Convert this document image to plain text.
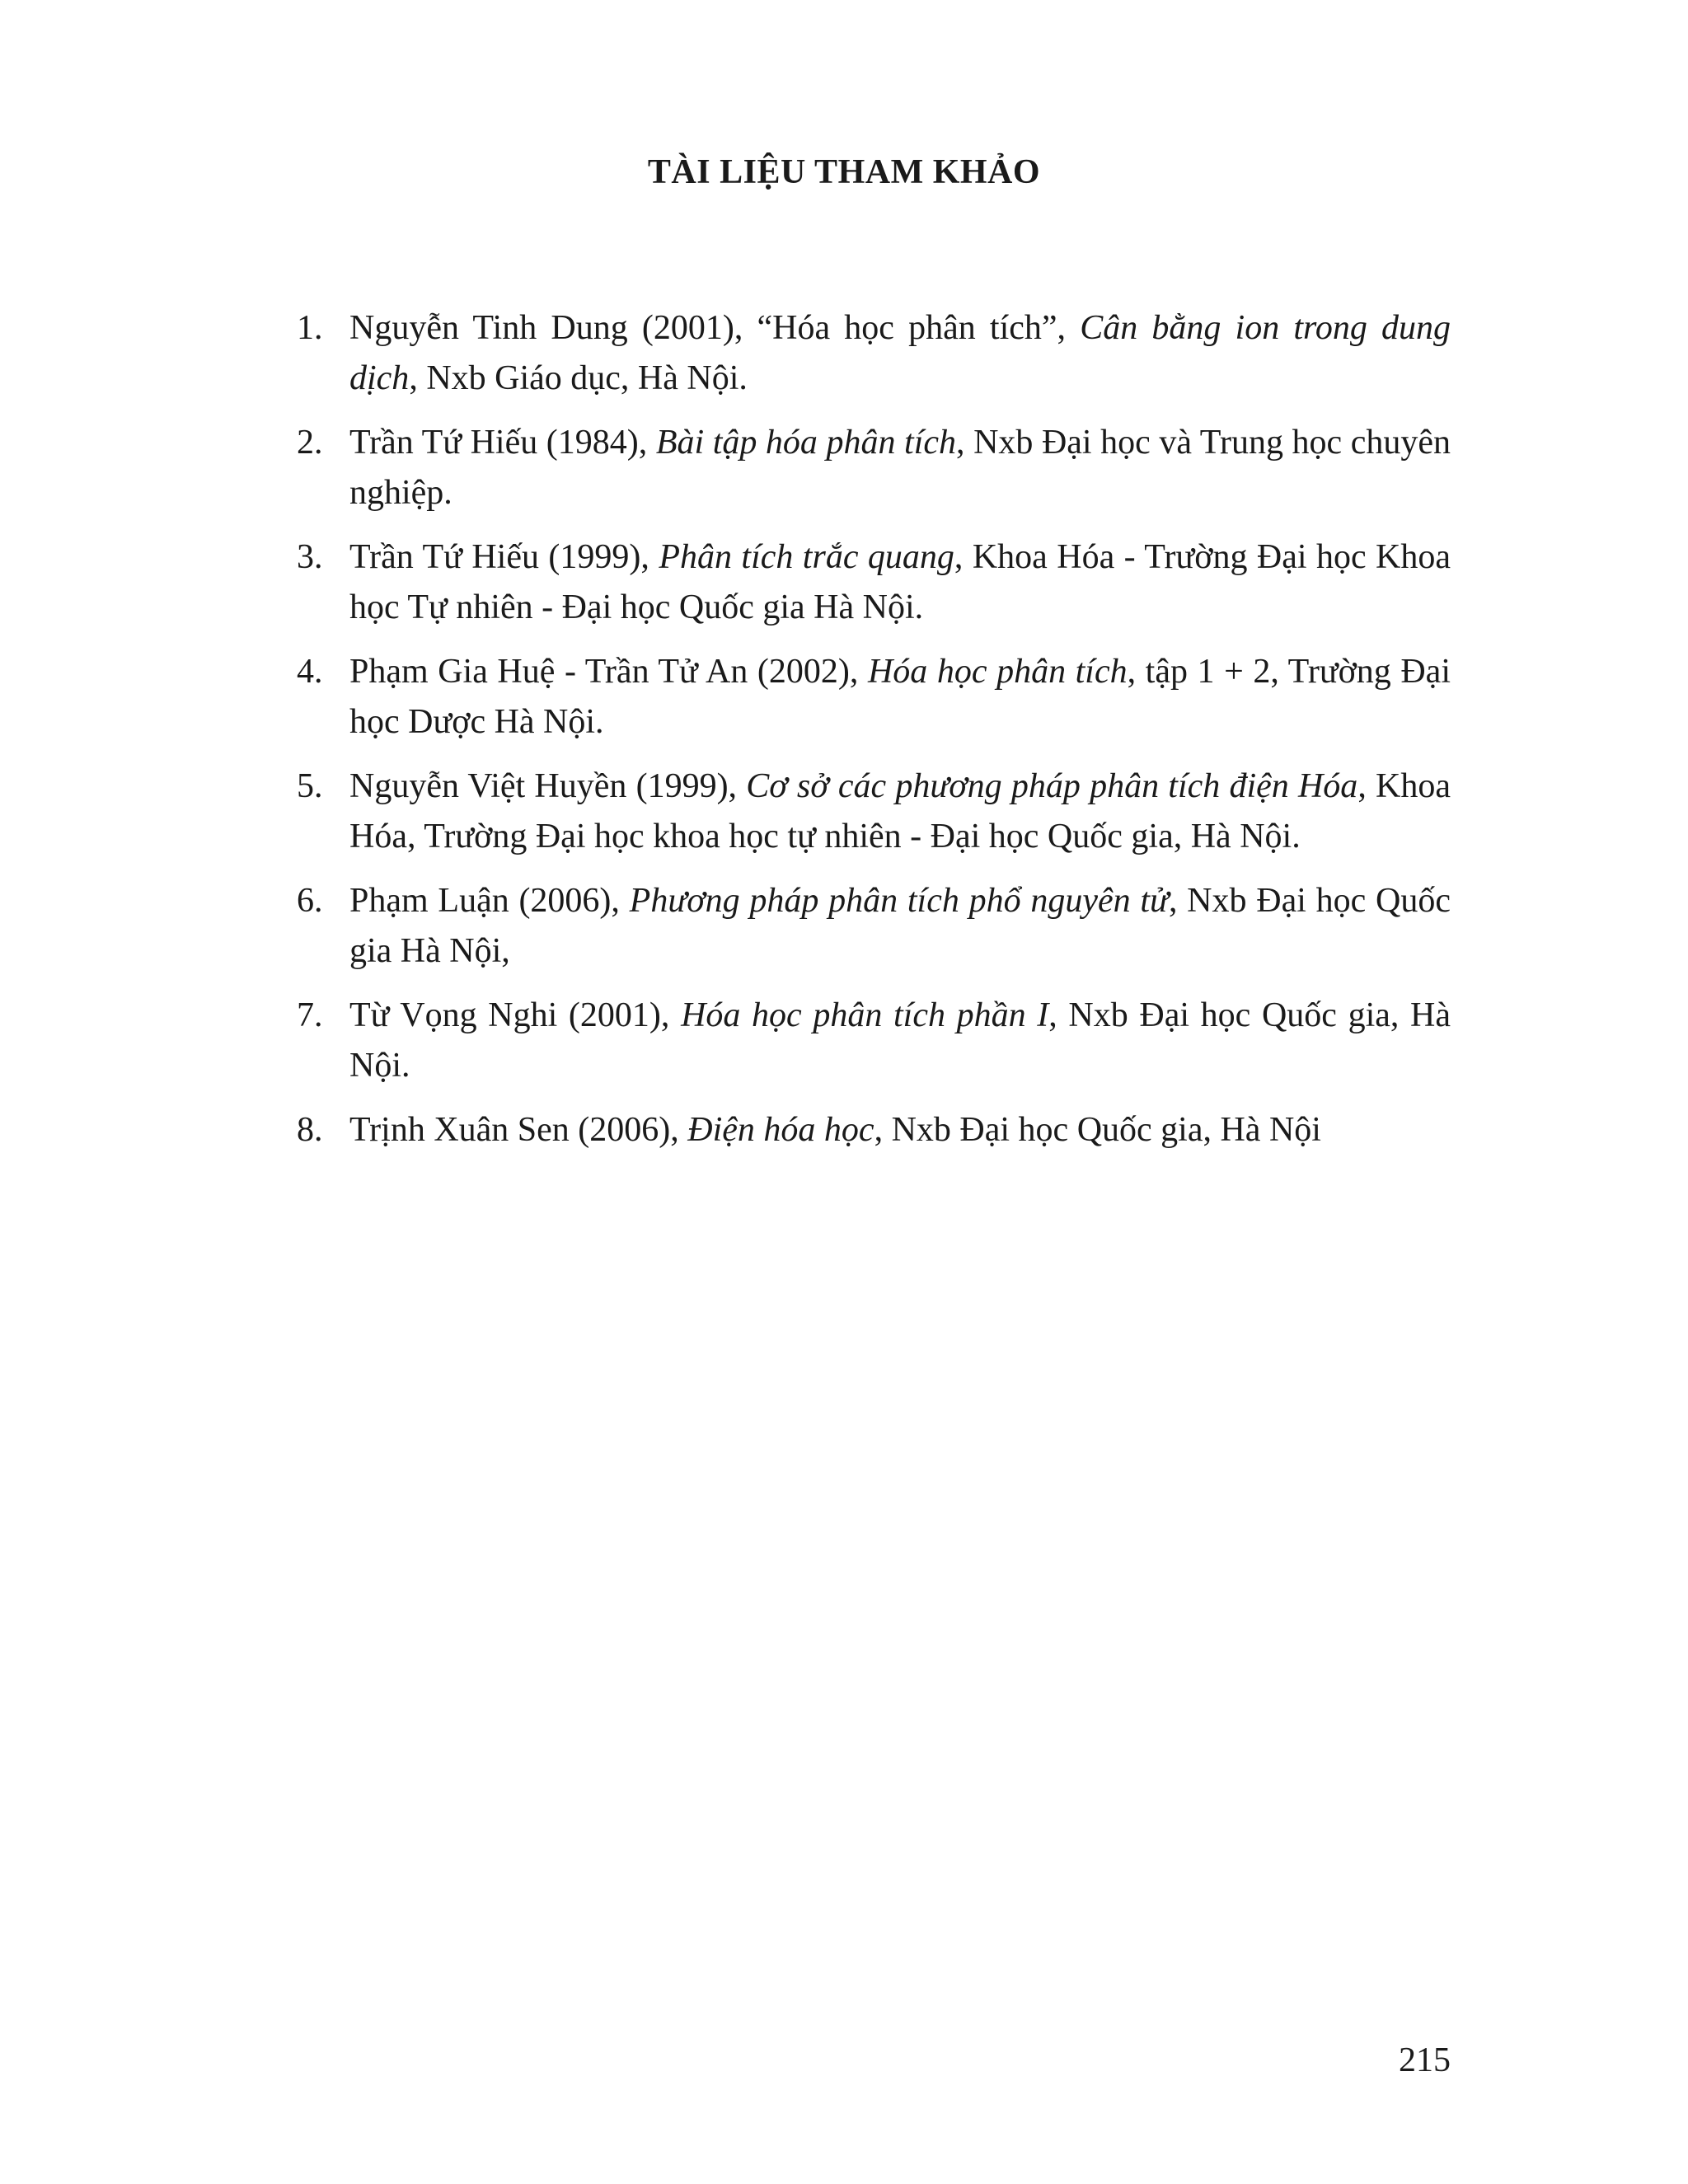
TÀI LIỆU THAM KHẢO
1. Nguyễn Tinh Dung (2001), “Hóa học phân tích”, Cân bằng ion trong dung dịch, Nxb Giáo dục, Hà Nội.
2. Trần Tứ Hiếu (1984), Bài tập hóa phân tích, Nxb Đại học và Trung học chuyên nghiệp.
3. Trần Tứ Hiếu (1999), Phân tích trắc quang, Khoa Hóa - Trường Đại học Khoa học Tự nhiên - Đại học Quốc gia Hà Nội.
4. Phạm Gia Huệ - Trần Tử An (2002), Hóa học phân tích, tập 1 + 2, Trường Đại học Dược Hà Nội.
5. Nguyễn Việt Huyền (1999), Cơ sở các phương pháp phân tích điện Hóa, Khoa Hóa, Trường Đại học khoa học tự nhiên - Đại học Quốc gia, Hà Nội.
6. Phạm Luận (2006), Phương pháp phân tích phổ nguyên tử, Nxb Đại học Quốc gia Hà Nội,
7. Từ Vọng Nghi (2001), Hóa học phân tích phần I, Nxb Đại học Quốc gia, Hà Nội.
8. Trịnh Xuân Sen (2006), Điện hóa học, Nxb Đại học Quốc gia, Hà Nội
215
